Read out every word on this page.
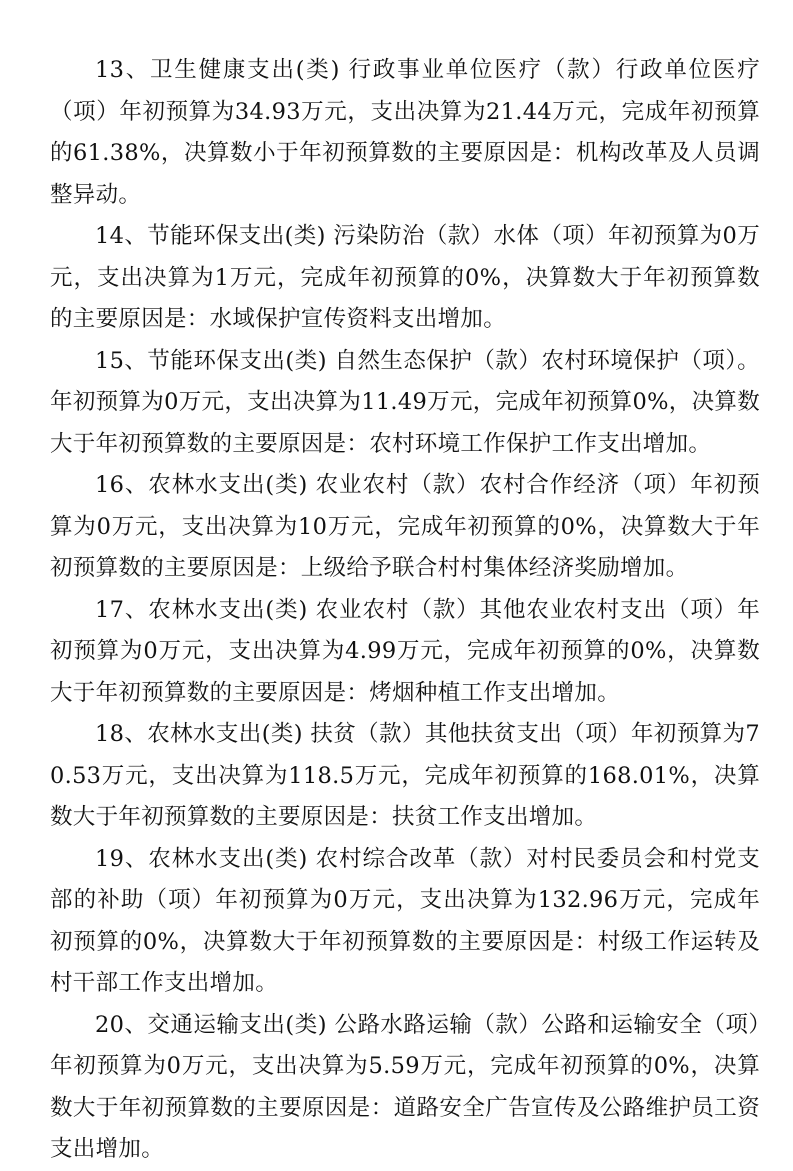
13、卫生健康支出(类) 行政事业单位医疗（款）行政单位医疗（项）年初预算为34.93万元，支出决算为21.44万元，完成年初预算的61.38%，决算数小于年初预算数的主要原因是：机构改革及人员调整异动。

14、节能环保支出(类) 污染防治（款）水体（项）年初预算为0万元，支出决算为1万元，完成年初预算的0%，决算数大于年初预算数的主要原因是：水域保护宣传资料支出增加。

15、节能环保支出(类) 自然生态保护（款）农村环境保护（项）。年初预算为0万元，支出决算为11.49万元，完成年初预算0%，决算数大于年初预算数的主要原因是：农村环境工作保护工作支出增加。

16、农林水支出(类) 农业农村（款）农村合作经济（项）年初预算为0万元，支出决算为10万元，完成年初预算的0%，决算数大于年初预算数的主要原因是：上级给予联合村村集体经济奖励增加。

17、农林水支出(类) 农业农村（款）其他农业农村支出（项）年初预算为0万元，支出决算为4.99万元，完成年初预算的0%，决算数大于年初预算数的主要原因是：烤烟种植工作支出增加。

18、农林水支出(类) 扶贫（款）其他扶贫支出（项）年初预算为70.53万元，支出决算为118.5万元，完成年初预算的168.01%，决算数大于年初预算数的主要原因是：扶贫工作支出增加。

19、农林水支出(类) 农村综合改革（款）对村民委员会和村党支部的补助（项）年初预算为0万元，支出决算为132.96万元，完成年初预算的0%，决算数大于年初预算数的主要原因是：村级工作运转及村干部工作支出增加。

20、交通运输支出(类) 公路水路运输（款）公路和运输安全（项）年初预算为0万元，支出决算为5.59万元，完成年初预算的0%，决算数大于年初预算数的主要原因是：道路安全广告宣传及公路维护员工资支出增加。
